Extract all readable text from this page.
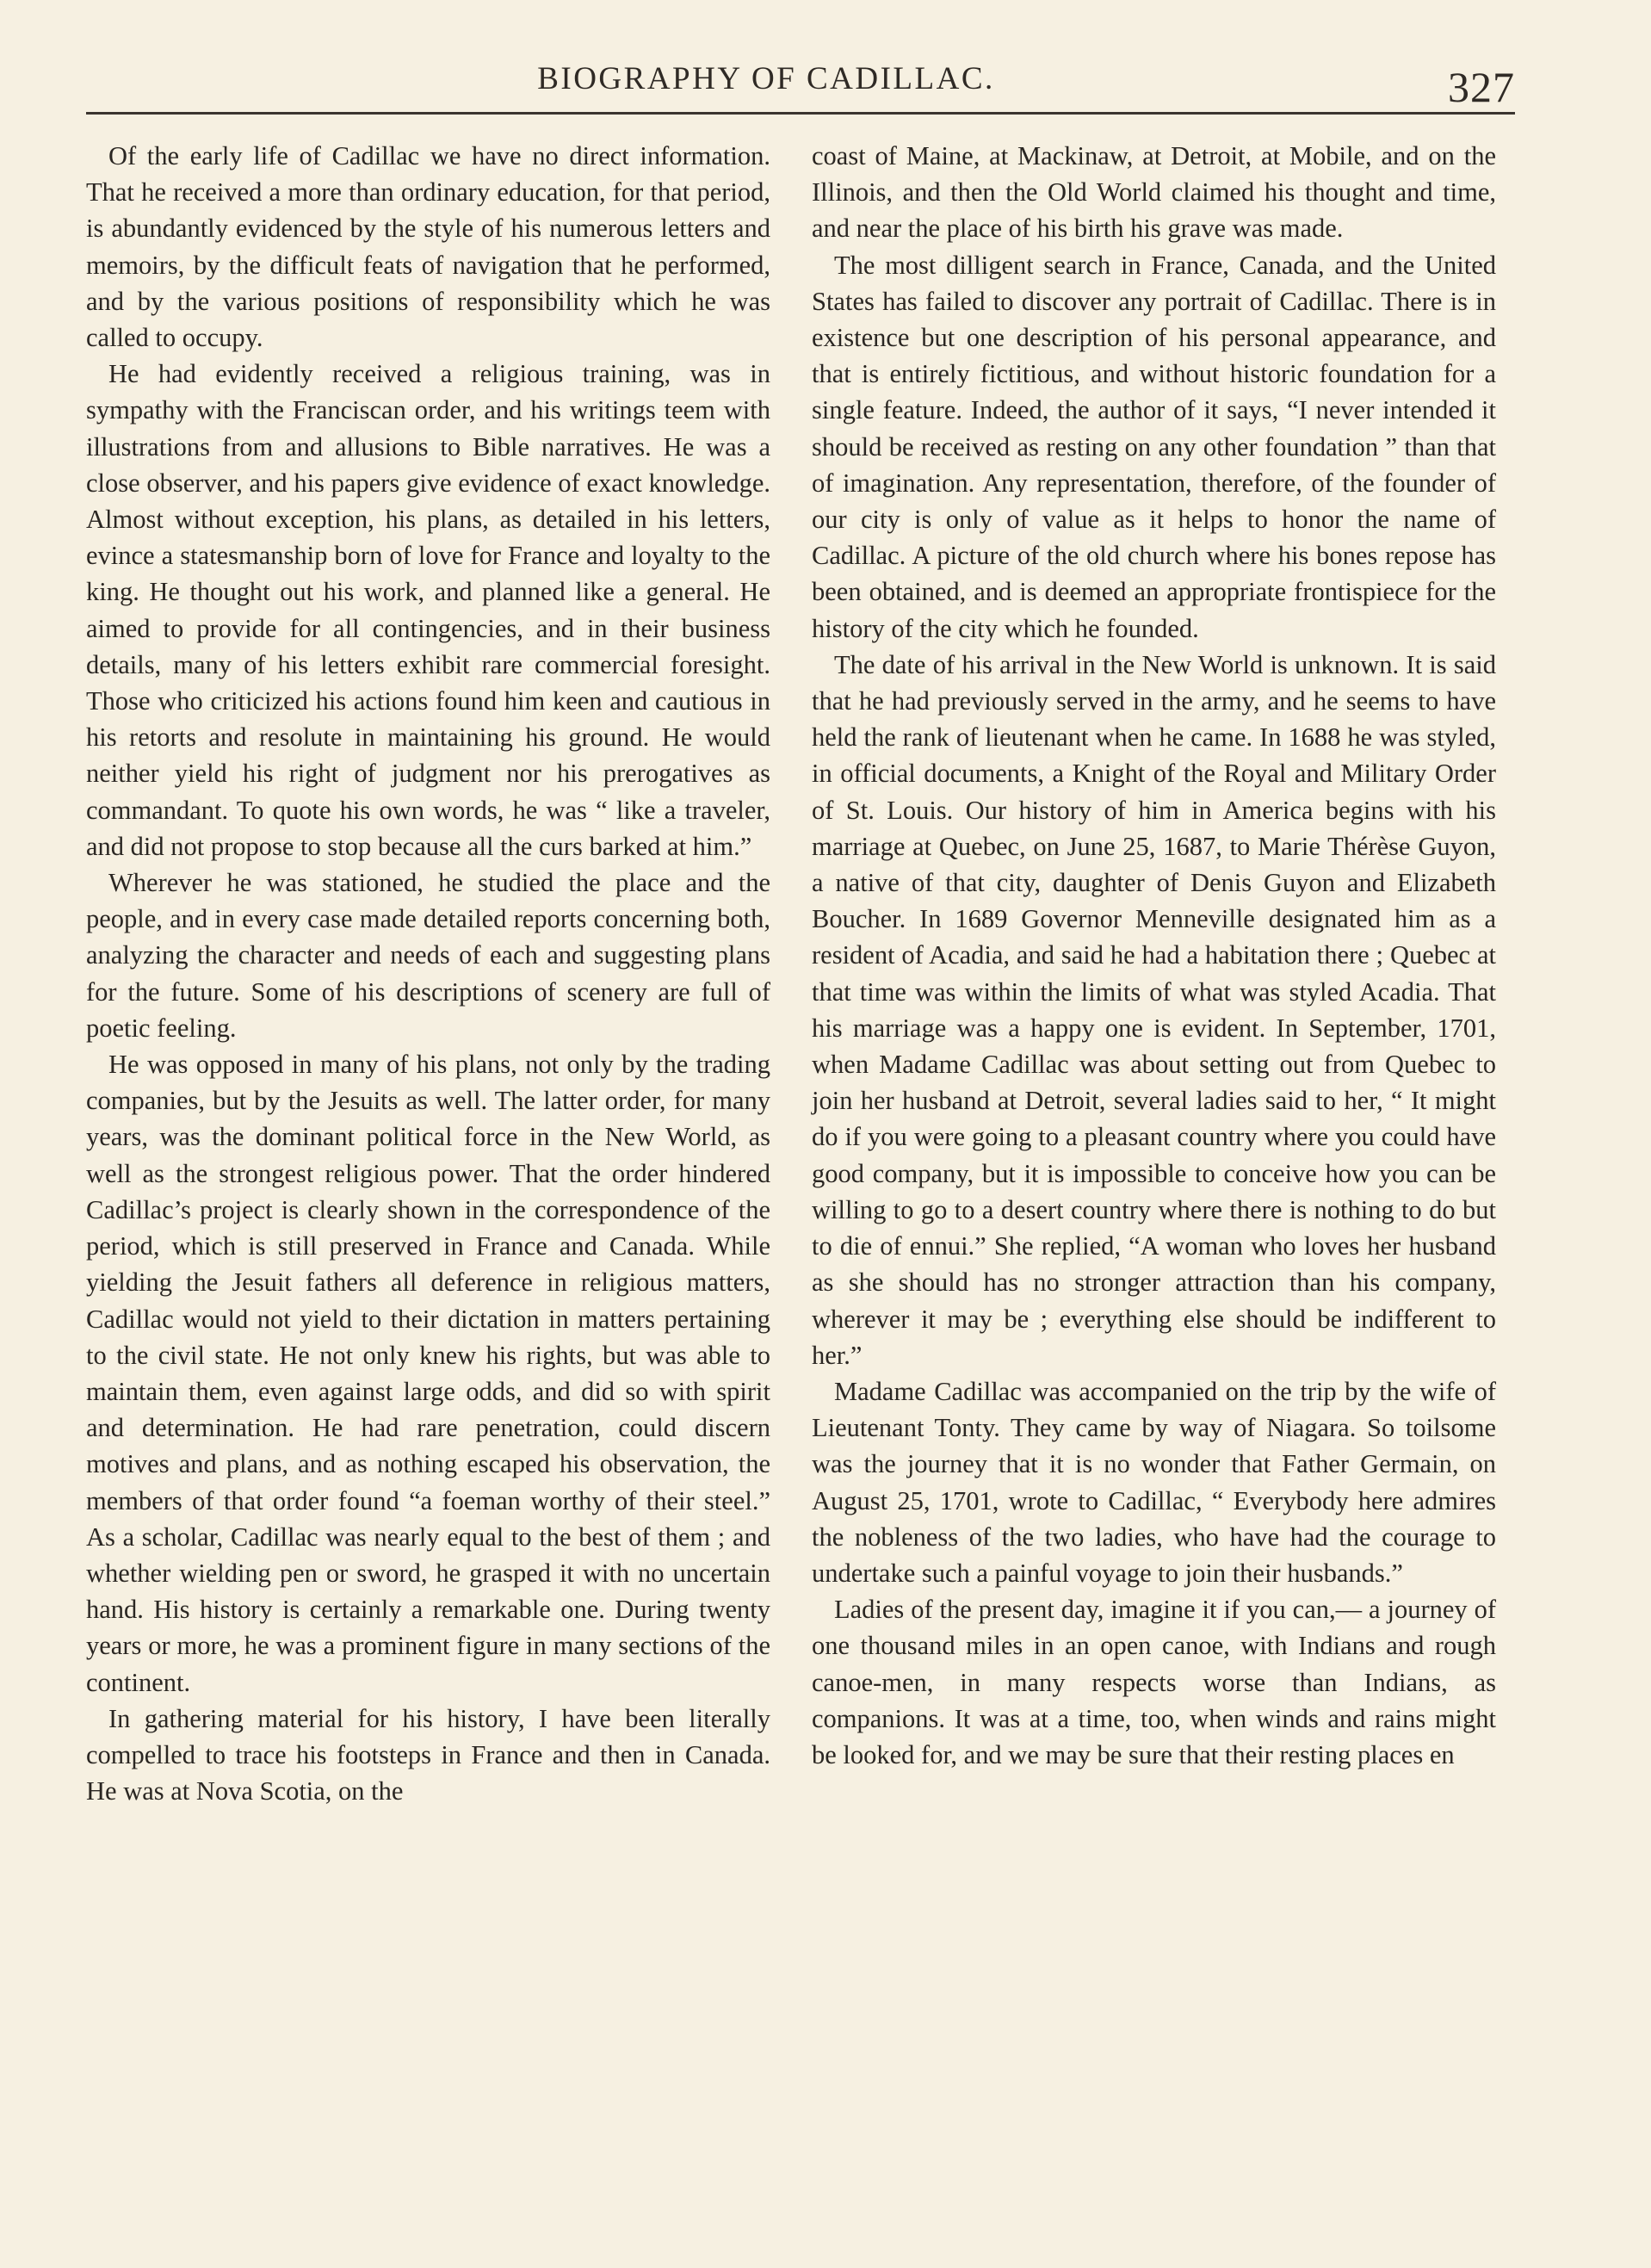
BIOGRAPHY OF CADILLAC.	327

Of the early life of Cadillac we have no direct information. That he received a more than ordinary education, for that period, is abundantly evidenced by the style of his numerous letters and memoirs, by the difficult feats of navigation that he performed, and by the various positions of responsibility which he was called to occupy.

He had evidently received a religious training, was in sympathy with the Franciscan order, and his writings teem with illustrations from and allusions to Bible narratives. He was a close observer, and his papers give evidence of exact knowledge. Almost without exception, his plans, as detailed in his letters, evince a statesmanship born of love for France and loyalty to the king. He thought out his work, and planned like a general. He aimed to provide for all contingencies, and in their business details, many of his letters exhibit rare commercial foresight. Those who criticized his actions found him keen and cautious in his retorts and resolute in maintaining his ground. He would neither yield his right of judgment nor his prerogatives as commandant. To quote his own words, he was “ like a traveler, and did not propose to stop because all the curs barked at him.”

Wherever he was stationed, he studied the place and the people, and in every case made detailed reports concerning both, analyzing the character and needs of each and suggesting plans for the future. Some of his descriptions of scenery are full of poetic feeling.

He was opposed in many of his plans, not only by the trading companies, but by the Jesuits as well. The latter order, for many years, was the dominant political force in the New World, as well as the strongest religious power. That the order hindered Cadillac’s project is clearly shown in the correspondence of the period, which is still preserved in France and Canada. While yielding the Jesuit fathers all deference in religious matters, Cadillac would not yield to their dictation in matters pertaining to the civil state. He not only knew his rights, but was able to maintain them, even against large odds, and did so with spirit and determination. He had rare penetration, could discern motives and plans, and as nothing escaped his observation, the members of that order found “a foeman worthy of their steel.” As a scholar, Cadillac was nearly equal to the best of them ; and whether wielding pen or sword, he grasped it with no uncertain hand. His history is certainly a remarkable one. During twenty years or more, he was a prominent figure in many sections of the continent.

In gathering material for his history, I have been literally compelled to trace his footsteps in France and then in Canada. He was at Nova Scotia, on the

coast of Maine, at Mackinaw, at Detroit, at Mobile, and on the Illinois, and then the Old World claimed his thought and time, and near the place of his birth his grave was made.

The most dilligent search in France, Canada, and the United States has failed to discover any portrait of Cadillac. There is in existence but one description of his personal appearance, and that is entirely fictitious, and without historic foundation for a single feature. Indeed, the author of it says, “I never intended it should be received as resting on any other foundation ” than that of imagination. Any representation, therefore, of the founder of our city is only of value as it helps to honor the name of Cadillac. A picture of the old church where his bones repose has been obtained, and is deemed an appropriate frontispiece for the history of the city which he founded.

The date of his arrival in the New World is unknown. It is said that he had previously served in the army, and he seems to have held the rank of lieutenant when he came. In 1688 he was styled, in official documents, a Knight of the Royal and Military Order of St. Louis. Our history of him in America begins with his marriage at Quebec, on June 25, 1687, to Marie Thérèse Guyon, a native of that city, daughter of Denis Guyon and Elizabeth Boucher. In 1689 Governor Menneville designated him as a resident of Acadia, and said he had a habitation there ; Quebec at that time was within the limits of what was styled Acadia. That his marriage was a happy one is evident. In September, 1701, when Madame Cadillac was about setting out from Quebec to join her husband at Detroit, several ladies said to her, “ It might do if you were going to a pleasant country where you could have good company, but it is impossible to conceive how you can be willing to go to a desert country where there is nothing to do but to die of ennui.” She replied, “A woman who loves her husband as she should has no stronger attraction than his company, wherever it may be ; everything else should be indifferent to her.”

Madame Cadillac was accompanied on the trip by the wife of Lieutenant Tonty. They came by way of Niagara. So toilsome was the journey that it is no wonder that Father Germain, on August 25, 1701, wrote to Cadillac, “ Everybody here admires the nobleness of the two ladies, who have had the courage to undertake such a painful voyage to join their husbands.”

Ladies of the present day, imagine it if you can,— a journey of one thousand miles in an open canoe, with Indians and rough canoe-men, in many respects worse than Indians, as companions. It was at a time, too, when winds and rains might be looked for, and we may be sure that their resting places en
